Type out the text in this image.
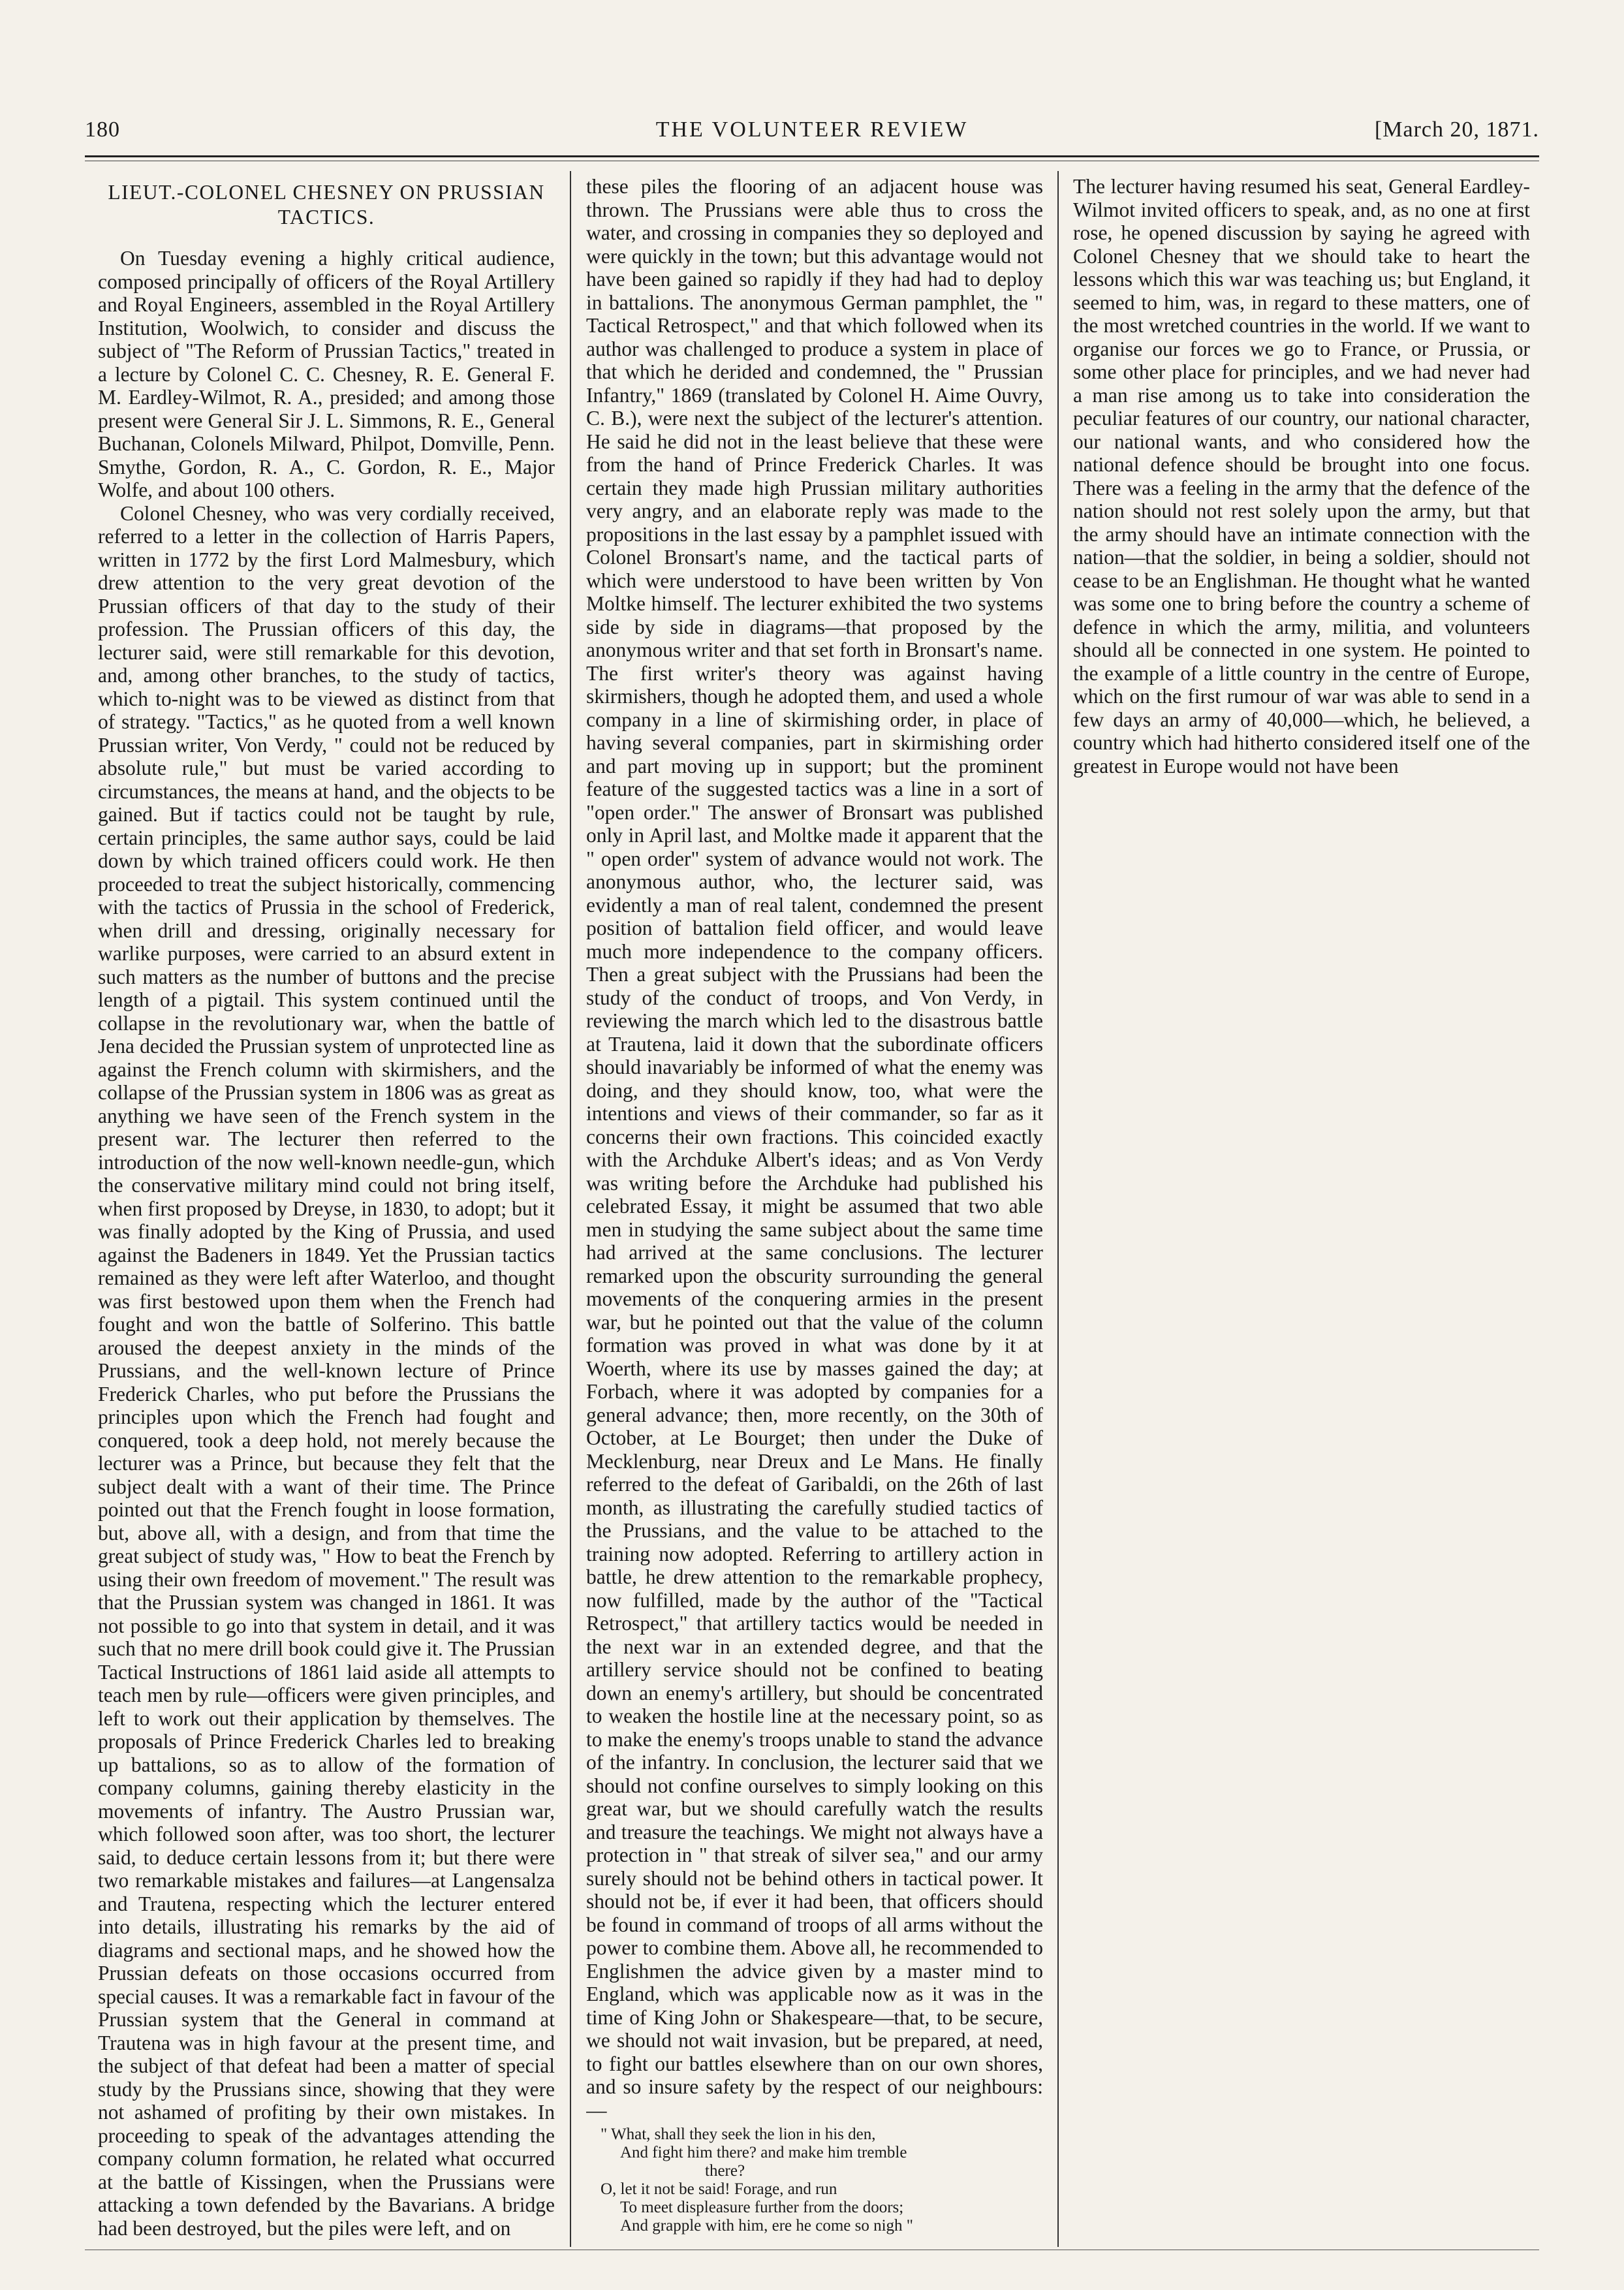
180	THE VOLUNTEER REVIEW	[March 20, 1871.
LIEUT.-COLONEL CHESNEY ON PRUSSIAN TACTICS.

On Tuesday evening a highly critical audience, composed principally of officers of the Royal Artillery and Royal Engineers, assembled in the Royal Artillery Institution, Woolwich, to consider and discuss the subject of "The Reform of Prussian Tactics," treated in a lecture by Colonel C. C. Chesney, R. E. General F. M. Eardley-Wilmot, R. A., presided; and among those present were General Sir J. L. Simmons, R. E., General Buchanan, Colonels Milward, Philpot, Domville, Penn. Smythe, Gordon, R. A., C. Gordon, R. E., Major Wolfe, and about 100 others.

Colonel Chesney, who was very cordially received, referred to a letter in the collection of Harris Papers, written in 1772 by the first Lord Malmesbury, which drew attention to the very great devotion of the Prussian officers of that day to the study of their profession. The Prussian officers of this day, the lecturer said, were still remarkable for this devotion, and, among other branches, to the study of tactics, which to-night was to be viewed as distinct from that of strategy. "Tactics," as he quoted from a well known Prussian writer, Von Verdy, " could not be reduced by absolute rule," but must be varied according to circumstances, the means at hand, and the objects to be gained. But if tactics could not be taught by rule, certain principles, the same author says, could be laid down by which trained officers could work. He then proceeded to treat the subject historically, commencing with the tactics of Prussia in the school of Frederick, when drill and dressing, originally necessary for warlike purposes, were carried to an absurd extent in such matters as the number of buttons and the precise length of a pigtail. This system continued until the collapse in the revolutionary war, when the battle of Jena decided the Prussian system of unprotected line as against the French column with skirmishers, and the collapse of the Prussian system in 1806 was as great as anything we have seen of the French system in the present war. The lecturer then referred to the introduction of the now well-known needle-gun, which the conservative military mind could not bring itself, when first proposed by Dreyse, in 1830, to adopt; but it was finally adopted by the King of Prussia, and used against the Badeners in 1849. Yet the Prussian tactics remained as they were left after Waterloo, and thought was first bestowed upon them when the French had fought and won the battle of Solferino. This battle aroused the deepest anxiety in the minds of the Prussians, and the well-known lecture of Prince Frederick Charles, who put before the Prussians the principles upon which the French had fought and conquered, took a deep hold, not merely because the lecturer was a Prince, but because they felt that the subject dealt with a want of their time. The Prince pointed out that the French fought in loose formation, but, above all, with a design, and from that time the great subject of study was, " How to beat the French by using their own freedom of movement." The result was that the Prussian system was changed in 1861. It was not possible to go into that system in detail, and it was such that no mere drill book could give it. The Prussian Tactical Instructions of 1861 laid aside all attempts to teach men by rule—officers were given principles, and left to work out their application by themselves. The proposals of Prince Frederick Charles led to breaking up battalions, so as to allow of the formation of company columns, gaining thereby elasticity in the movements of infantry. The Austro Prussian war, which followed soon after, was too short, the lecturer said, to deduce certain lessons from it; but there were two remarkable mistakes and failures—at Langensalza and Trautena, respecting which the lecturer entered into details, illustrating his remarks by the aid of diagrams and sectional maps, and he showed how the Prussian defeats on those occasions occurred from special causes. It was a remarkable fact in favour of the Prussian system that the General in command at Trautena was in high favour at the present time, and the subject of that defeat had been a matter of special study by the Prussians since, showing that they were not ashamed of profiting by their own mistakes. In proceeding to speak of the advantages attending the company column formation, he related what occurred at the battle of Kissingen, when the Prussians were attacking a town defended by the Bavarians. A bridge had been destroyed, but the piles were left, and on

these piles the flooring of an adjacent house was thrown. The Prussians were able thus to cross the water, and crossing in companies they so deployed and were quickly in the town; but this advantage would not have been gained so rapidly if they had had to deploy in battalions. The anonymous German pamphlet, the " Tactical Retrospect," and that which followed when its author was challenged to produce a system in place of that which he derided and condemned, the " Prussian Infantry," 1869 (translated by Colonel H. Aime Ouvry, C. B.), were next the subject of the lecturer's attention. He said he did not in the least believe that these were from the hand of Prince Frederick Charles. It was certain they made high Prussian military authorities very angry, and an elaborate reply was made to the propositions in the last essay by a pamphlet issued with Colonel Bronsart's name, and the tactical parts of which were understood to have been written by Von Moltke himself. The lecturer exhibited the two systems side by side in diagrams—that proposed by the anonymous writer and that set forth in Bronsart's name. The first writer's theory was against having skirmishers, though he adopted them, and used a whole company in a line of skirmishing order, in place of having several companies, part in skirmishing order and part moving up in support; but the prominent feature of the suggested tactics was a line in a sort of "open order." The answer of Bronsart was published only in April last, and Moltke made it apparent that the " open order" system of advance would not work. The anonymous author, who, the lecturer said, was evidently a man of real talent, condemned the present position of battalion field officer, and would leave much more independence to the company officers. Then a great subject with the Prussians had been the study of the conduct of troops, and Von Verdy, in reviewing the march which led to the disastrous battle at Trautena, laid it down that the subordinate officers should inavariably be informed of what the enemy was doing, and they should know, too, what were the intentions and views of their commander, so far as it concerns their own fractions. This coincided exactly with the Archduke Albert's ideas; and as Von Verdy was writing before the Archduke had published his celebrated Essay, it might be assumed that two able men in studying the same subject about the same time had arrived at the same conclusions. The lecturer remarked upon the obscurity surrounding the general movements of the conquering armies in the present war, but he pointed out that the value of the column formation was proved in what was done by it at Woerth, where its use by masses gained the day; at Forbach, where it was adopted by companies for a general advance; then, more recently, on the 30th of October, at Le Bourget; then under the Duke of Mecklenburg, near Dreux and Le Mans. He finally referred to the defeat of Garibaldi, on the 26th of last month, as illustrating the carefully studied tactics of the Prussians, and the value to be attached to the training now adopted. Referring to artillery action in battle, he drew attention to the remarkable prophecy, now fulfilled, made by the author of the "Tactical Retrospect," that artillery tactics would be needed in the next war in an extended degree, and that the artillery service should not be confined to beating down an enemy's artillery, but should be concentrated to weaken the hostile line at the necessary point, so as to make the enemy's troops unable to stand the advance of the infantry. In conclusion, the lecturer said that we should not confine ourselves to simply looking on this great war, but we should carefully watch the results and treasure the teachings. We might not always have a protection in " that streak of silver sea," and our army surely should not be behind others in tactical power. It should not be, if ever it had been, that officers should be found in command of troops of all arms without the power to combine them. Above all, he recommended to Englishmen the advice given by a master mind to England, which was applicable now as it was in the time of King John or Shakespeare—that, to be secure, we should not wait invasion, but be prepared, at need, to fight our battles elsewhere than on our own shores, and so insure safety by the respect of our neighbours:—

" What, shall they seek the lion in his den,
And fight him there? and make him tremble
there?
O, let it not be said! Forage, and run
To meet displeasure further from the doors;
And grapple with him, ere he come so nigh "

The lecturer having resumed his seat, General Eardley-Wilmot invited officers to speak, and, as no one at first rose, he opened discussion by saying he agreed with Colonel Chesney that we should take to heart the lessons which this war was teaching us; but England, it seemed to him, was, in regard to these matters, one of the most wretched countries in the world. If we want to organise our forces we go to France, or Prussia, or some other place for principles, and we had never had a man rise among us to take into consideration the peculiar features of our country, our national character, our national wants, and who considered how the national defence should be brought into one focus. There was a feeling in the army that the defence of the nation should not rest solely upon the army, but that the army should have an intimate connection with the nation—that the soldier, in being a soldier, should not cease to be an Englishman. He thought what he wanted was some one to bring before the country a scheme of defence in which the army, militia, and volunteers should all be connected in one system. He pointed to the example of a little country in the centre of Europe, which on the first rumour of war was able to send in a few days an army of 40,000—which, he believed, a country which had hitherto considered itself one of the greatest in Europe would not have been
